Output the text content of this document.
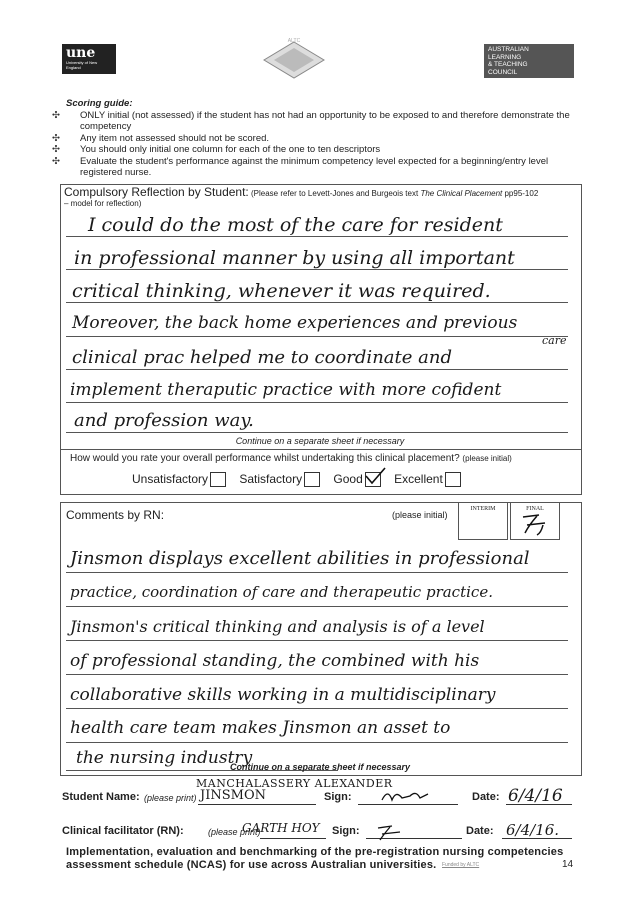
une
University of New England
ALTC
AUSTRALIAN
LEARNING
& TEACHING
COUNCIL
Scoring guide:
✣ ONLY initial (not assessed) if the student has not had an opportunity to be exposed to and therefore demonstrate the competency
✣ Any item not assessed should not be scored.
✣ You should only initial one column for each of the one to ten descriptors
✣ Evaluate the student's performance against the minimum competency level expected for a beginning/entry level registered nurse.
Compulsory Reflection by Student: (Please refer to Levett-Jones and Burgeois text The Clinical Placement pp95-102
– model for reflection)
I could do the most of the care for resident
in professional manner by using all important
critical thinking, whenever it was required.
Moreover, the back home experiences and previous
care
clinical prac helped me to coordinate and
implement theraputic practice with more cofident
and profession way.
Continue on a separate sheet if necessary
How would you rate your overall performance whilst undertaking this clinical placement? (please initial)
Unsatisfactory	Satisfactory	Good	Excellent
Comments by RN:	(please initial)
INTERIM	FINAL
Jinsmon displays excellent abilities in professional
practice, coordination of care and therapeutic practice.
Jinsmon's critical thinking and analysis is of a level
of professional standing, the combined with his
collaborative skills working in a multidisciplinary
health care team makes Jinsmon an asset to
the nursing industry
Continue on a separate sheet if necessary
MANCHALASSERY ALEXANDER
Student Name: (please print) JINSMON	Sign:	Date: 6/4/16
Clinical facilitator (RN):	(please print)
GARTH HOY Sign:	Date: 6/4/16.
Implementation, evaluation and benchmarking of the pre-registration nursing competencies
assessment schedule (NCAS) for use across Australian universities. Funded by ALTC	14
